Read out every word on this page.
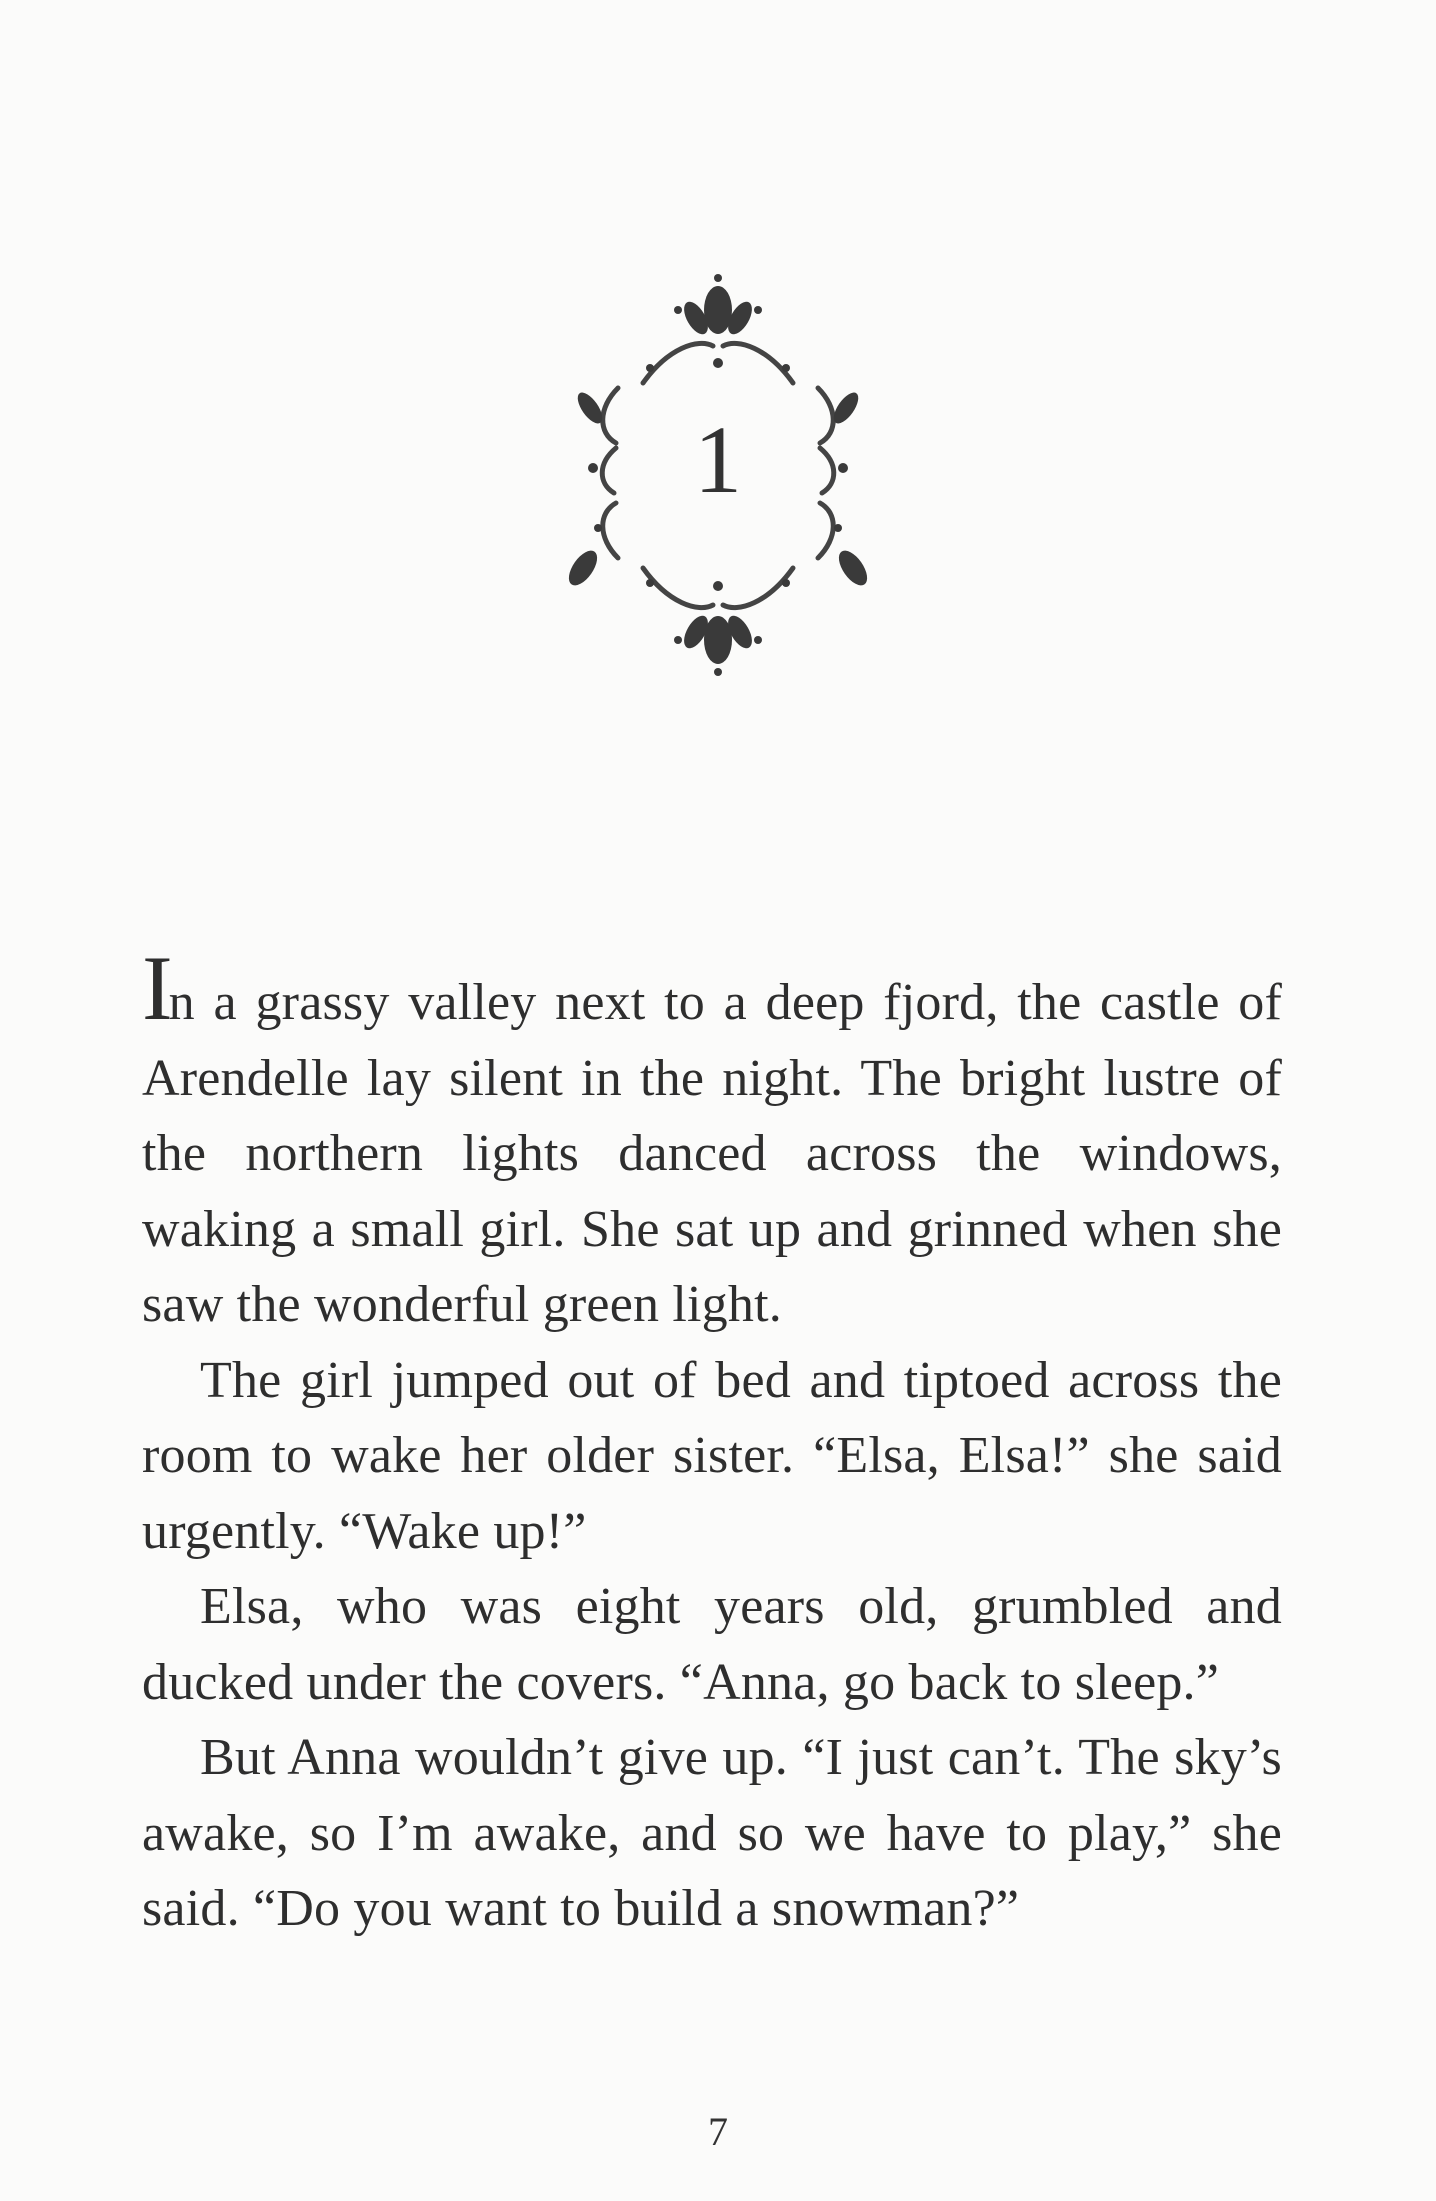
1

In a grassy valley next to a deep fjord, the castle of Arendelle lay silent in the night. The bright lustre of the northern lights danced across the windows, waking a small girl. She sat up and grinned when she saw the wonderful green light.

The girl jumped out of bed and tiptoed across the room to wake her older sister. “Elsa, Elsa!” she said urgently. “Wake up!”

Elsa, who was eight years old, grumbled and ducked under the covers. “Anna, go back to sleep.”

But Anna wouldn’t give up. “I just can’t. The sky’s awake, so I’m awake, and so we have to play,” she said. “Do you want to build a snowman?”

7
